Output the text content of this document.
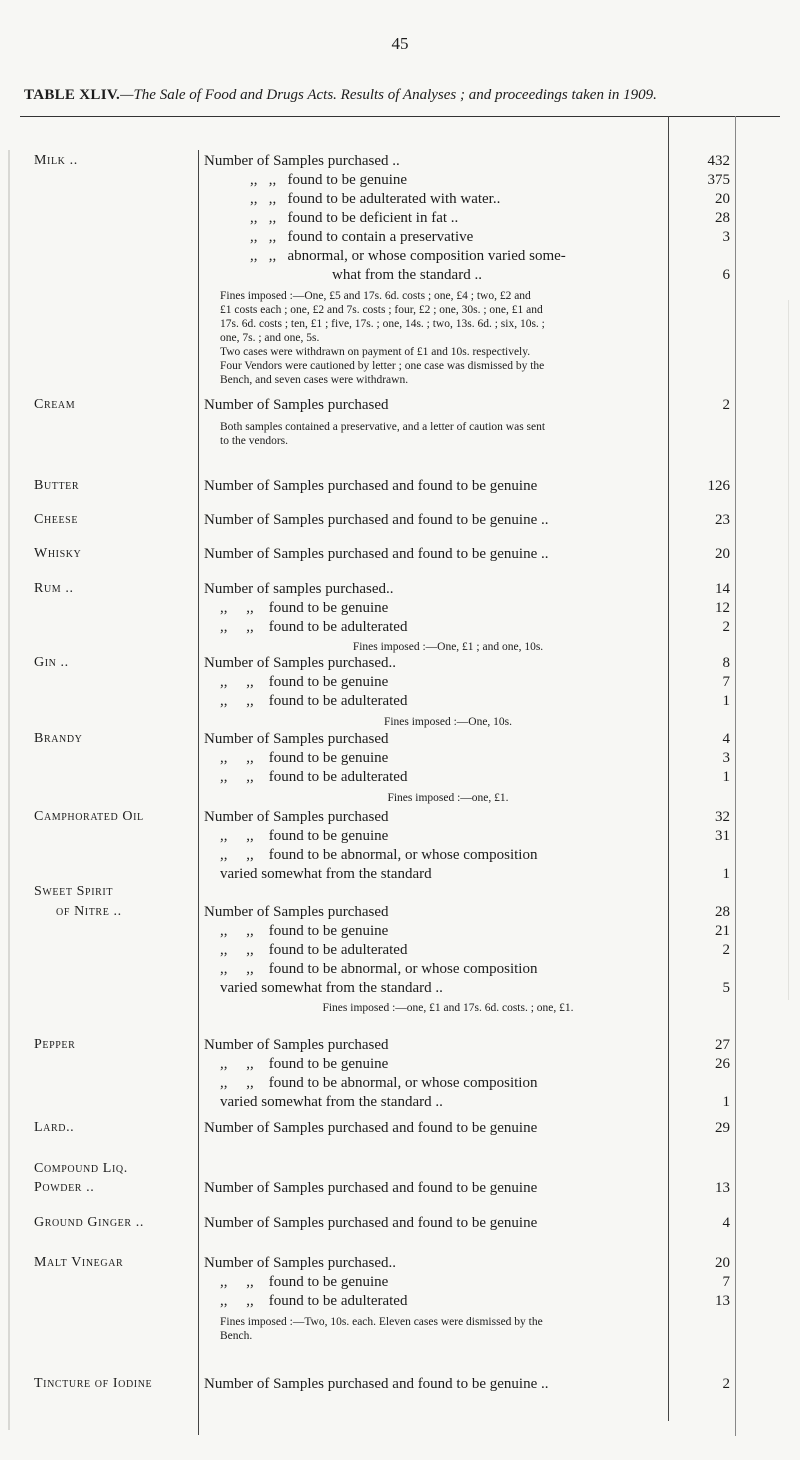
45
TABLE XLIV.—The Sale of Food and Drugs Acts. Results of Analyses ; and proceedings taken in 1909.
Milk ..	Number of Samples purchased ..	432
,, ,, found to be genuine	375
,, ,, found to be adulterated with water..	20
,, ,, found to be deficient in fat ..	28
,, ,, found to contain a preservative	3
,, ,, abnormal, or whose composition varied some-
what from the standard ..	6
Fines imposed :—One, £5 and 17s. 6d. costs ; one, £4 ; two, £2 and
£1 costs each ; one, £2 and 7s. costs ; four, £2 ; one, 30s. ; one, £1 and
17s. 6d. costs ; ten, £1 ; five, 17s. ; one, 14s. ; two, 13s. 6d. ; six, 10s. ;
one, 7s. ; and one, 5s.
Two cases were withdrawn on payment of £1 and 10s. respectively.
Four Vendors were cautioned by letter ; one case was dismissed by the
Bench, and seven cases were withdrawn.
Cream	Number of Samples purchased	2
Both samples contained a preservative, and a letter of caution was sent
to the vendors.
Butter	Number of Samples purchased and found to be genuine	126
Cheese	Number of Samples purchased and found to be genuine ..	23
Whisky	Number of Samples purchased and found to be genuine ..	20
Rum ..	Number of samples purchased..	14
,, ,, found to be genuine	12
,, ,, found to be adulterated	2
Fines imposed :—One, £1 ; and one, 10s.
Gin ..	Number of Samples purchased..	8
,, ,, found to be genuine	7
,, ,, found to be adulterated	1
Fines imposed :—One, 10s.
Brandy	Number of Samples purchased	4
,, ,, found to be genuine	3
,, ,, found to be adulterated	1
Fines imposed :—one, £1.
Camphorated Oil	Number of Samples purchased	32
,, ,, found to be genuine	31
,, ,, found to be abnormal, or whose composition
varied somewhat from the standard	1
Sweet Spirit
of Nitre ..	Number of Samples purchased	28
,, ,, found to be genuine	21
,, ,, found to be adulterated	2
,, ,, found to be abnormal, or whose composition
varied somewhat from the standard ..	5
Fines imposed :—one, £1 and 17s. 6d. costs. ; one, £1.
Pepper	Number of Samples purchased	27
,, ,, found to be genuine	26
,, ,, found to be abnormal, or whose composition
varied somewhat from the standard ..	1
Lard..	Number of Samples purchased and found to be genuine	29
Compound Liq.
Powder ..	Number of Samples purchased and found to be genuine	13
Ground Ginger ..	Number of Samples purchased and found to be genuine	4
Malt Vinegar	Number of Samples purchased..	20
,, ,, found to be genuine	7
,, ,, found to be adulterated	13
Fines imposed :—Two, 10s. each. Eleven cases were dismissed by the
Bench.
Tincture of Iodine	Number of Samples purchased and found to be genuine ..	2
